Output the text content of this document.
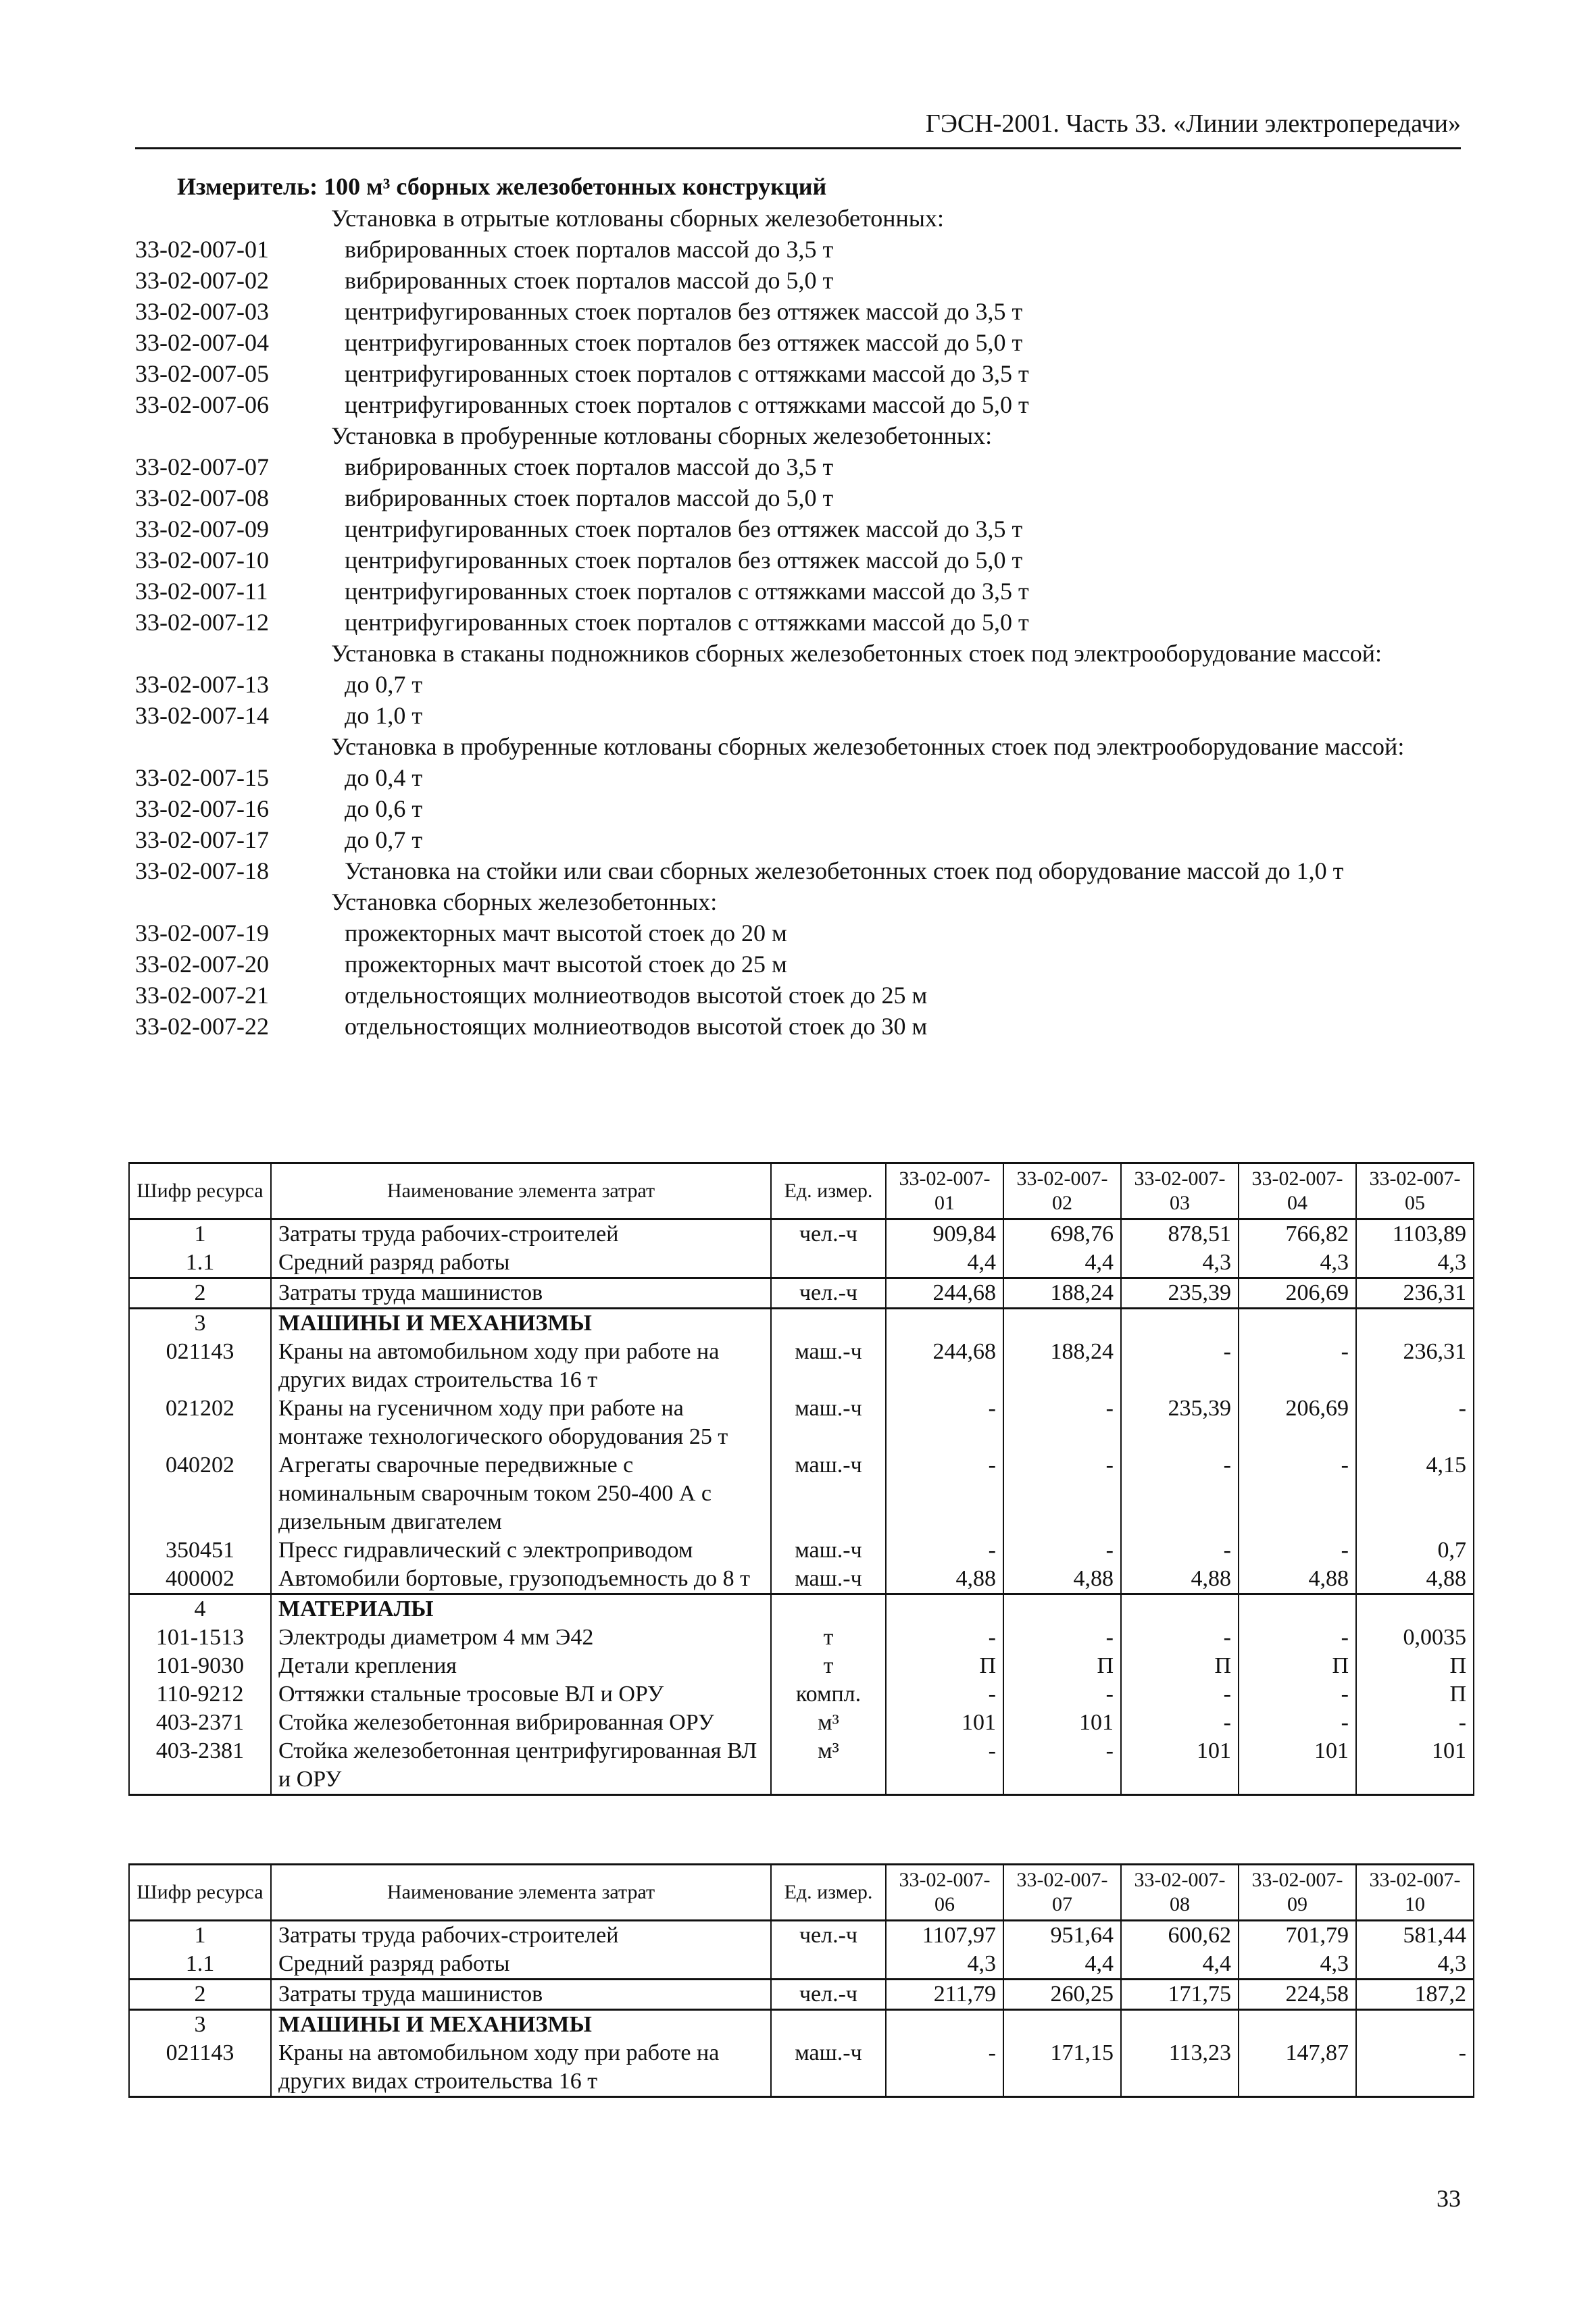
ГЭСН-2001. Часть 33. «Линии электропередачи»
Измеритель: 100 м³ сборных железобетонных конструкций
Установка в отрытые котлованы сборных железобетонных:
33-02-007-01	вибрированных стоек порталов массой до 3,5 т
33-02-007-02	вибрированных стоек порталов массой до 5,0 т
33-02-007-03	центрифугированных стоек порталов без оттяжек массой до 3,5 т
33-02-007-04	центрифугированных стоек порталов без оттяжек массой до 5,0 т
33-02-007-05	центрифугированных стоек порталов с оттяжками массой до 3,5 т
33-02-007-06	центрифугированных стоек порталов с оттяжками массой до 5,0 т
Установка в пробуренные котлованы сборных железобетонных:
33-02-007-07	вибрированных стоек порталов массой до 3,5 т
33-02-007-08	вибрированных стоек порталов массой до 5,0 т
33-02-007-09	центрифугированных стоек порталов без оттяжек массой до 3,5 т
33-02-007-10	центрифугированных стоек порталов без оттяжек массой до 5,0 т
33-02-007-11	центрифугированных стоек порталов с оттяжками массой до 3,5 т
33-02-007-12	центрифугированных стоек порталов с оттяжками массой до 5,0 т
Установка в стаканы подножников сборных железобетонных стоек под электрооборудование массой:
33-02-007-13	до 0,7 т
33-02-007-14	до 1,0 т
Установка в пробуренные котлованы сборных железобетонных стоек под электрооборудование массой:
33-02-007-15	до 0,4 т
33-02-007-16	до 0,6 т
33-02-007-17	до 0,7 т
33-02-007-18	Установка на стойки или сваи сборных железобетонных стоек под оборудование массой до 1,0 т
Установка сборных железобетонных:
33-02-007-19	прожекторных мачт высотой стоек до 20 м
33-02-007-20	прожекторных мачт высотой стоек до 25 м
33-02-007-21	отдельностоящих молниеотводов высотой стоек до 25 м
33-02-007-22	отдельностоящих молниеотводов высотой стоек до 30 м
Шифр ресурса	Наименование элемента затрат	Ед. измер.	33-02-007-01	33-02-007-02	33-02-007-03	33-02-007-04	33-02-007-05
1	Затраты труда рабочих-строителей	чел.-ч	909,84	698,76	878,51	766,82	1103,89
1.1	Средний разряд работы		4,4	4,4	4,3	4,3	4,3
2	Затраты труда машинистов	чел.-ч	244,68	188,24	235,39	206,69	236,31
3	МАШИНЫ И МЕХАНИЗМЫ						
021143	Краны на автомобильном ходу при работе на других видах строительства 16 т	маш.-ч	244,68	188,24	-	-	236,31
021202	Краны на гусеничном ходу при работе на монтаже технологического оборудования 25 т	маш.-ч	-	-	235,39	206,69	-
040202	Агрегаты сварочные передвижные с номинальным сварочным током 250-400 А с дизельным двигателем	маш.-ч	-	-	-	-	4,15
350451	Пресс гидравлический с электроприводом	маш.-ч	-	-	-	-	0,7
400002	Автомобили бортовые, грузоподъемность до 8 т	маш.-ч	4,88	4,88	4,88	4,88	4,88
4	МАТЕРИАЛЫ						
101-1513	Электроды диаметром 4 мм Э42	т	-	-	-	-	0,0035
101-9030	Детали крепления	т	П	П	П	П	П
110-9212	Оттяжки стальные тросовые ВЛ и ОРУ	компл.	-	-	-	-	П
403-2371	Стойка железобетонная вибрированная ОРУ	м³	101	101	-	-	-
403-2381	Стойка железобетонная центрифугированная ВЛ и ОРУ	м³	-	-	101	101	101
Шифр ресурса	Наименование элемента затрат	Ед. измер.	33-02-007-06	33-02-007-07	33-02-007-08	33-02-007-09	33-02-007-10
1	Затраты труда рабочих-строителей	чел.-ч	1107,97	951,64	600,62	701,79	581,44
1.1	Средний разряд работы		4,3	4,4	4,4	4,3	4,3
2	Затраты труда машинистов	чел.-ч	211,79	260,25	171,75	224,58	187,2
3	МАШИНЫ И МЕХАНИЗМЫ						
021143	Краны на автомобильном ходу при работе на других видах строительства 16 т	маш.-ч	-	171,15	113,23	147,87	-
33
